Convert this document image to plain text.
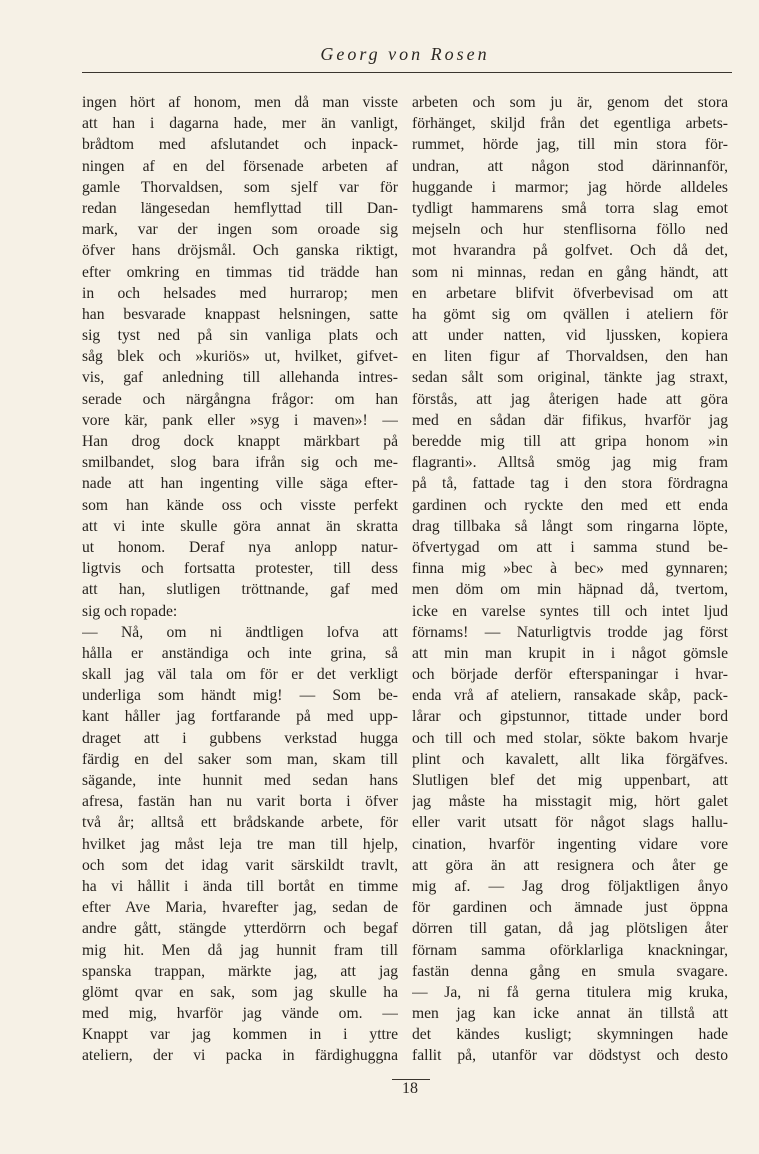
Georg von Rosen
ingen hört af honom, men då man visste
att han i dagarna hade, mer än vanligt,
brådtom med afslutandet och inpack-
ningen af en del försenade arbeten af
gamle Thorvaldsen, som sjelf var för
redan längesedan hemflyttad till Dan-
mark, var der ingen som oroade sig
öfver hans dröjsmål. Och ganska riktigt,
efter omkring en timmas tid trädde han
in och helsades med hurrarop; men
han besvarade knappast helsningen, satte
sig tyst ned på sin vanliga plats och
såg blek och »kuriös» ut, hvilket, gifvet-
vis, gaf anledning till allehanda intres-
serade och närgångna frågor: om han
vore kär, pank eller »syg i maven»! —
Han drog dock knappt märkbart på
smilbandet, slog bara ifrån sig och me-
nade att han ingenting ville säga efter-
som han kände oss och visste perfekt
att vi inte skulle göra annat än skratta
ut honom. Deraf nya anlopp natur-
ligtvis och fortsatta protester, till dess
att han, slutligen tröttnande, gaf med
sig och ropade:
— Nå, om ni ändtligen lofva att
hålla er anständiga och inte grina, så
skall jag väl tala om för er det verkligt
underliga som händt mig! — Som be-
kant håller jag fortfarande på med upp-
draget att i gubbens verkstad hugga
färdig en del saker som man, skam till
sägande, inte hunnit med sedan hans
afresa, fastän han nu varit borta i öfver
två år; alltså ett brådskande arbete, för
hvilket jag måst leja tre man till hjelp,
och som det idag varit särskildt travlt,
ha vi hållit i ända till bortåt en timme
efter Ave Maria, hvarefter jag, sedan de
andre gått, stängde ytterdörrn och begaf
mig hit. Men då jag hunnit fram till
spanska trappan, märkte jag, att jag
glömt qvar en sak, som jag skulle ha
med mig, hvarför jag vände om. —
Knappt var jag kommen in i yttre
ateliern, der vi packa in färdighuggna
arbeten och som ju är, genom det stora
förhänget, skiljd från det egentliga arbets-
rummet, hörde jag, till min stora för-
undran, att någon stod därinnanför,
huggande i marmor; jag hörde alldeles
tydligt hammarens små torra slag emot
mejseln och hur stenflisorna föllo ned
mot hvarandra på golfvet. Och då det,
som ni minnas, redan en gång händt, att
en arbetare blifvit öfverbevisad om att
ha gömt sig om qvällen i ateliern för
att under natten, vid ljussken, kopiera
en liten figur af Thorvaldsen, den han
sedan sålt som original, tänkte jag straxt,
förstås, att jag återigen hade att göra
med en sådan där fifikus, hvarför jag
beredde mig till att gripa honom »in
flagranti». Alltså smög jag mig fram
på tå, fattade tag i den stora fördragna
gardinen och ryckte den med ett enda
drag tillbaka så långt som ringarna löpte,
öfvertygad om att i samma stund be-
finna mig »bec à bec» med gynnaren;
men döm om min häpnad då, tvertom,
icke en varelse syntes till och intet ljud
förnams! — Naturligtvis trodde jag först
att min man krupit in i något gömsle
och började derför efterspaningar i hvar-
enda vrå af ateliern, ransakade skåp, pack-
lårar och gipstunnor, tittade under bord
och till och med stolar, sökte bakom hvarje
plint och kavalett, allt lika förgäfves.
Slutligen blef det mig uppenbart, att
jag måste ha misstagit mig, hört galet
eller varit utsatt för något slags hallu-
cination, hvarför ingenting vidare vore
att göra än att resignera och åter ge
mig af. — Jag drog följaktligen ånyo
för gardinen och ämnade just öppna
dörren till gatan, då jag plötsligen åter
förnam samma oförklarliga knackningar,
fastän denna gång en smula svagare.
— Ja, ni få gerna titulera mig kruka,
men jag kan icke annat än tillstå att
det kändes kusligt; skymningen hade
fallit på, utanför var dödstyst och desto
18
